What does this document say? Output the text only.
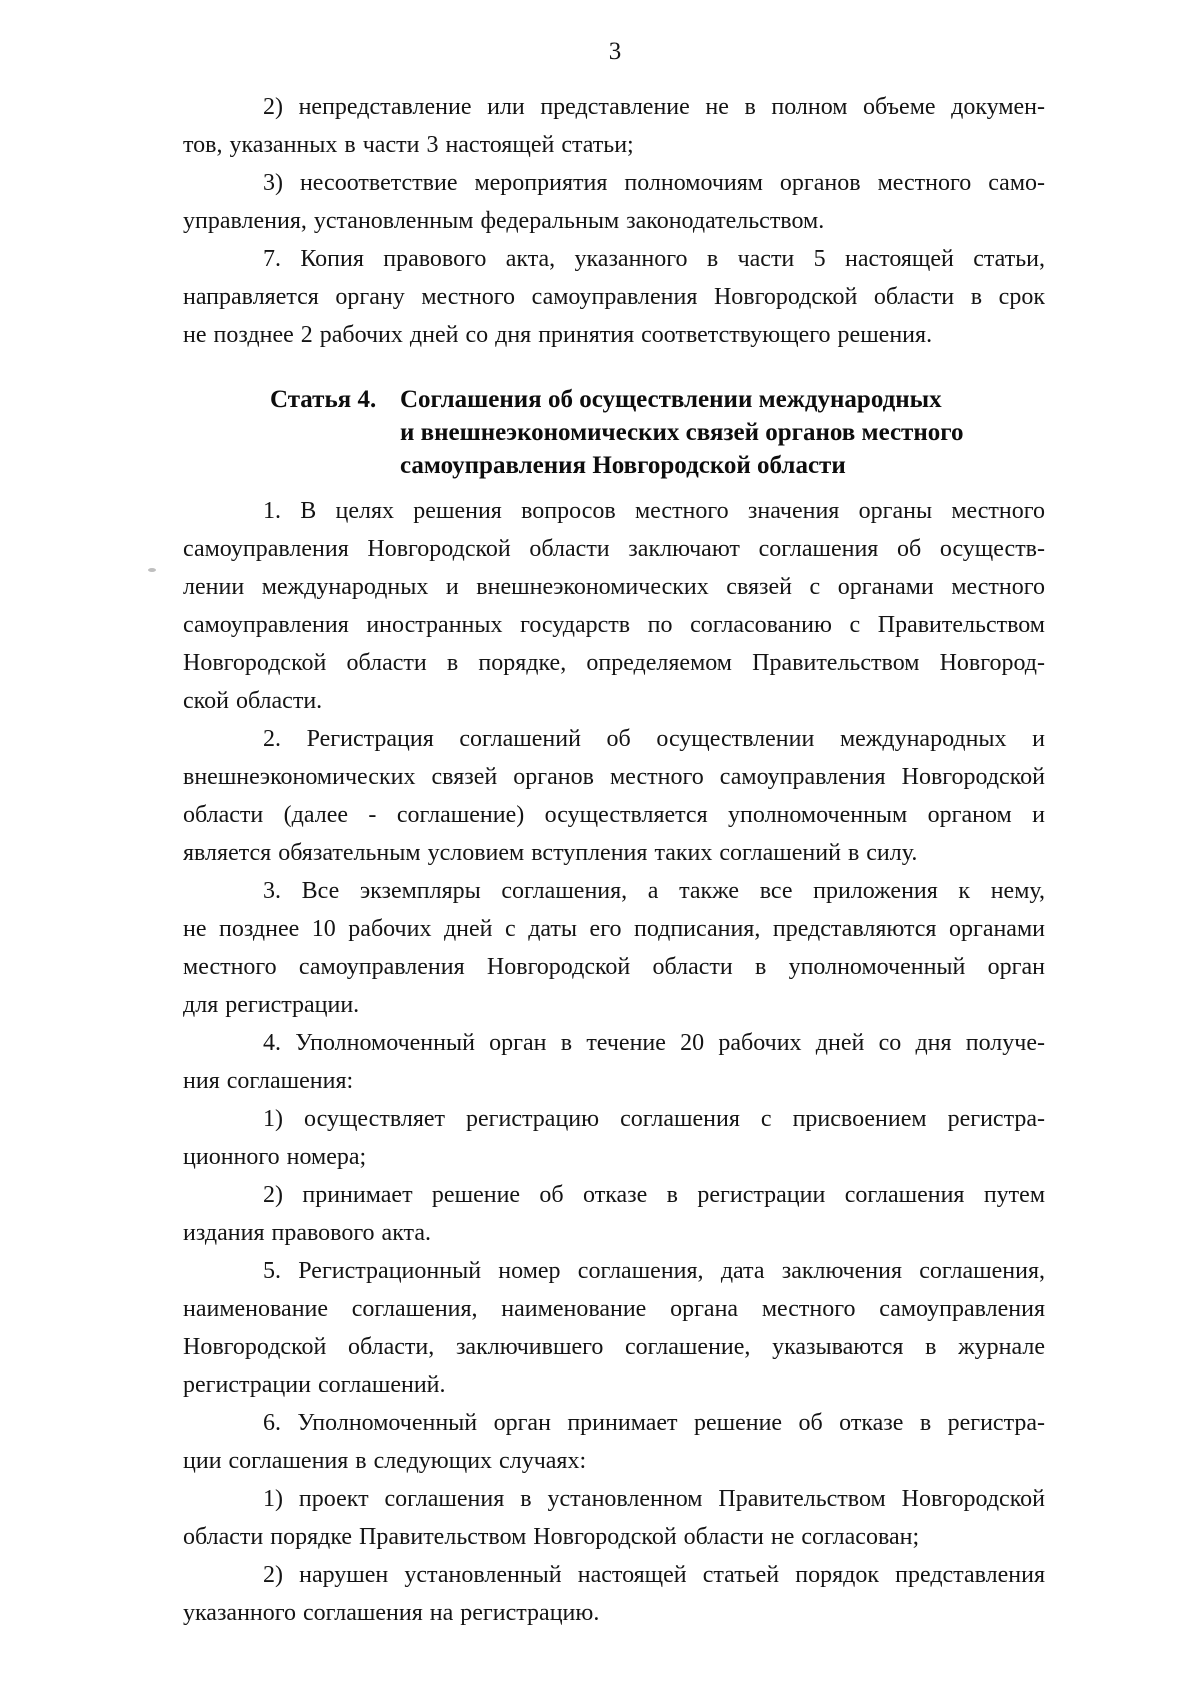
3
2) непредставление или представление не в полном объеме докумен-
тов, указанных в части 3 настоящей статьи;
3) несоответствие мероприятия полномочиям органов местного само-
управления, установленным федеральным законодательством.
7. Копия правового акта, указанного в части 5 настоящей статьи,
направляется органу местного самоуправления Новгородской области в срок
не позднее 2 рабочих дней со дня принятия соответствующего решения.
Статья 4. Соглашения об осуществлении международных
и внешнеэкономических связей органов местного
самоуправления Новгородской области
1. В целях решения вопросов местного значения органы местного
самоуправления Новгородской области заключают соглашения об осуществ-
лении международных и внешнеэкономических связей с органами местного
самоуправления иностранных государств по согласованию с Правительством
Новгородской области в порядке, определяемом Правительством Новгород-
ской области.
2. Регистрация соглашений об осуществлении международных и
внешнеэкономических связей органов местного самоуправления Новгородской
области (далее - соглашение) осуществляется уполномоченным органом и
является обязательным условием вступления таких соглашений в силу.
3. Все экземпляры соглашения, а также все приложения к нему,
не позднее 10 рабочих дней с даты его подписания, представляются органами
местного самоуправления Новгородской области в уполномоченный орган
для регистрации.
4. Уполномоченный орган в течение 20 рабочих дней со дня получе-
ния соглашения:
1) осуществляет регистрацию соглашения с присвоением регистра-
ционного номера;
2) принимает решение об отказе в регистрации соглашения путем
издания правового акта.
5. Регистрационный номер соглашения, дата заключения соглашения,
наименование соглашения, наименование органа местного самоуправления
Новгородской области, заключившего соглашение, указываются в журнале
регистрации соглашений.
6. Уполномоченный орган принимает решение об отказе в регистра-
ции соглашения в следующих случаях:
1) проект соглашения в установленном Правительством Новгородской
области порядке Правительством Новгородской области не согласован;
2) нарушен установленный настоящей статьей порядок представления
указанного соглашения на регистрацию.
